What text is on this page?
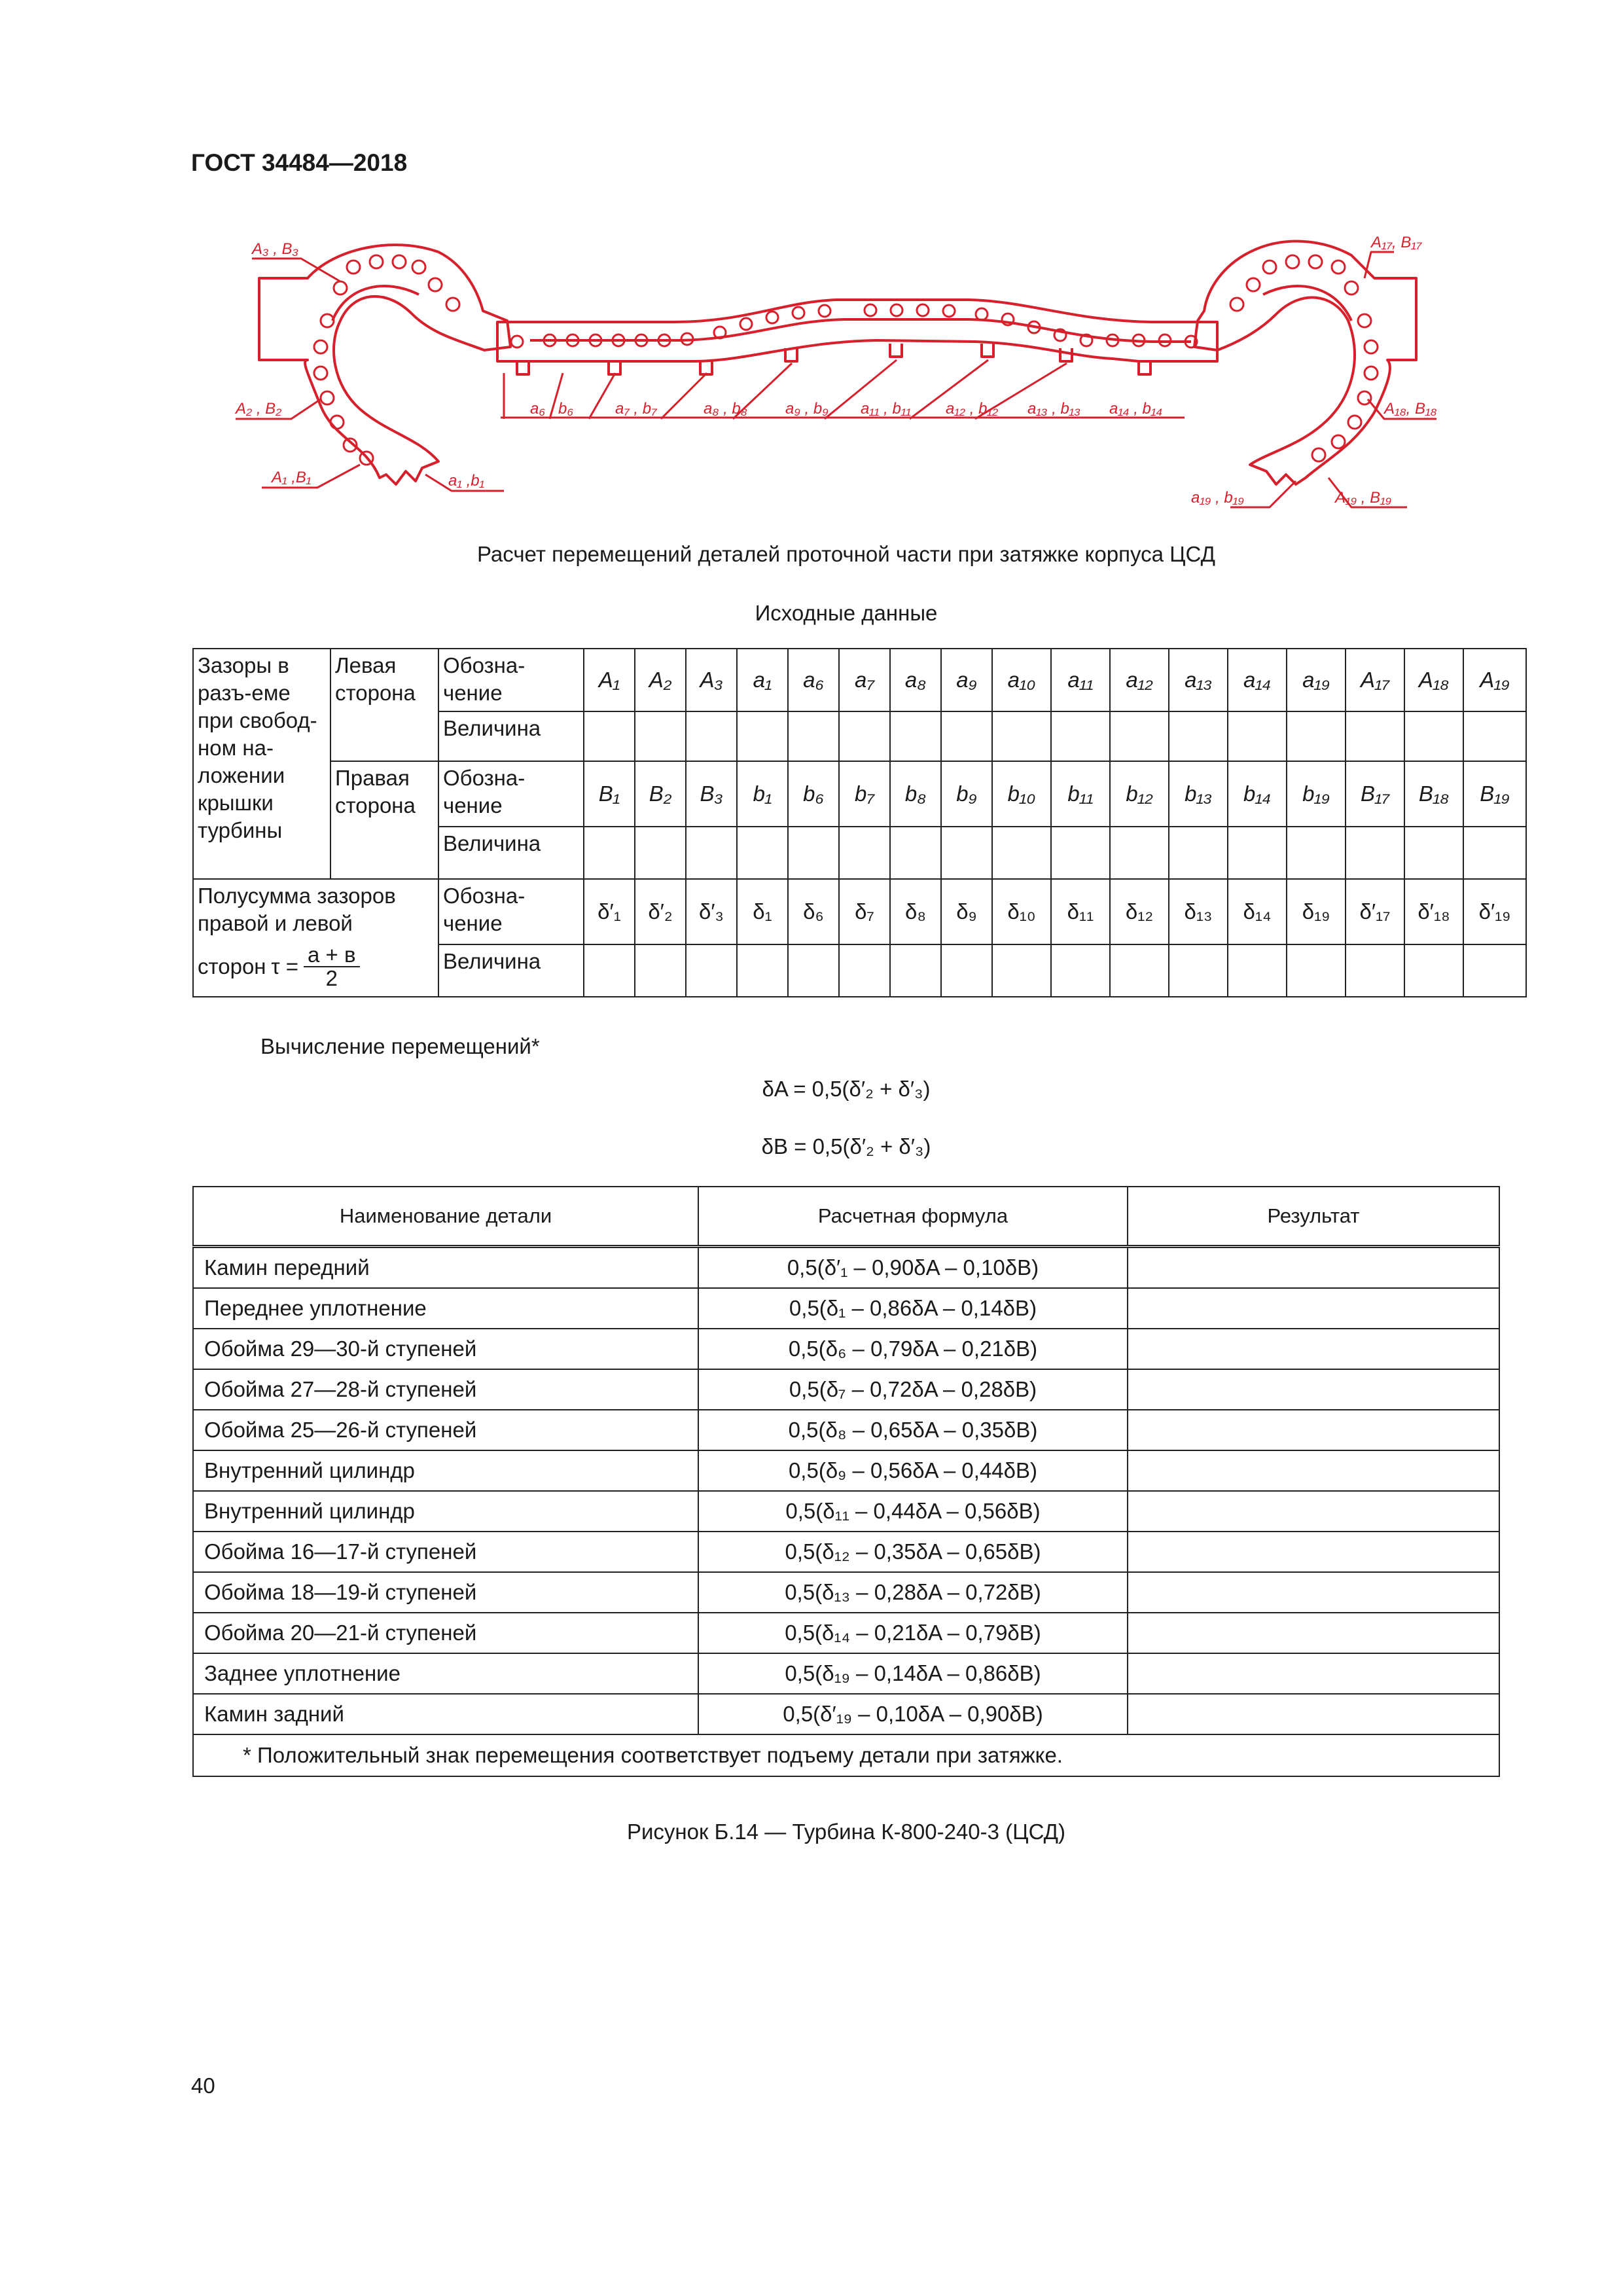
ГОСТ 34484—2018
A₃ , B₃
A₂ , B₂
A₁ ,B₁	a₁ ,b₁
a₆ , b₆	a₇ , b₇	a₈ , b₈ a₉ , b₉ a₁₁ , b₁₁ a₁₂ , b₁₂ a₁₃ , b₁₃ a₁₄ , b₁₄
A₁₇, B₁₇
A₁₈, B₁₈
a₁₉ , b₁₉	A₁₉ , B₁₉
Расчет перемещений деталей проточной части при затяжке корпуса ЦСД
Исходные данные
Зазоры в разъ-еме при свобод-ном на-ложении крышки турбины	Левая сторона	Обозна-чение	A₁	A₂	A₃	a₁	a₆	a₇	a₈	a₉	a₁₀	a₁₁	a₁₂	a₁₃	a₁₄	a₁₉	A₁₇	A₁₈	A₁₉
		Величина																	
	Правая сторона	Обозна-чение	B₁	B₂	B₃	b₁	b₆	b₇	b₈	b₉	b₁₀	b₁₁	b₁₂	b₁₃	b₁₄	b₁₉	B₁₇	B₁₈	B₁₉
		Величина																	

Полусумма зазоров правой и левой
сторон τ = a + в
2		Обозна-чение	δ′₁	δ′₂	δ′₃	δ₁	δ₆	δ₇	δ₈	δ₉	δ₁₀	δ₁₁	δ₁₂	δ₁₃	δ₁₄	δ₁₉	δ′₁₇	δ′₁₈	δ′₁₉
		Величина																	
Вычисление перемещений*
δA = 0,5(δ′₂ + δ′₃)
δB = 0,5(δ′₂ + δ′₃)
Наименование детали	Расчетная формула	Результат
Камин передний	0,5(δ′₁ – 0,90δA – 0,10δB)	
Переднее уплотнение	0,5(δ₁ – 0,86δA – 0,14δB)	
Обойма 29—30-й ступеней	0,5(δ₆ – 0,79δA – 0,21δB)	
Обойма 27—28-й ступеней	0,5(δ₇ – 0,72δA – 0,28δB)	
Обойма 25—26-й ступеней	0,5(δ₈ – 0,65δA – 0,35δB)	
Внутренний цилиндр	0,5(δ₉ – 0,56δA – 0,44δB)	
Внутренний цилиндр	0,5(δ₁₁ – 0,44δA – 0,56δB)	
Обойма 16—17-й ступеней	0,5(δ₁₂ – 0,35δA – 0,65δB)	
Обойма 18—19-й ступеней	0,5(δ₁₃ – 0,28δA – 0,72δB)	
Обойма 20—21-й ступеней	0,5(δ₁₄ – 0,21δA – 0,79δB)	
Заднее уплотнение	0,5(δ₁₉ – 0,14δA – 0,86δB)	
Камин задний	0,5(δ′₁₉ – 0,10δA – 0,90δB)	
* Положительный знак перемещения соответствует подъему детали при затяжке.		
Рисунок Б.14 — Турбина К-800-240-3 (ЦСД)
40
